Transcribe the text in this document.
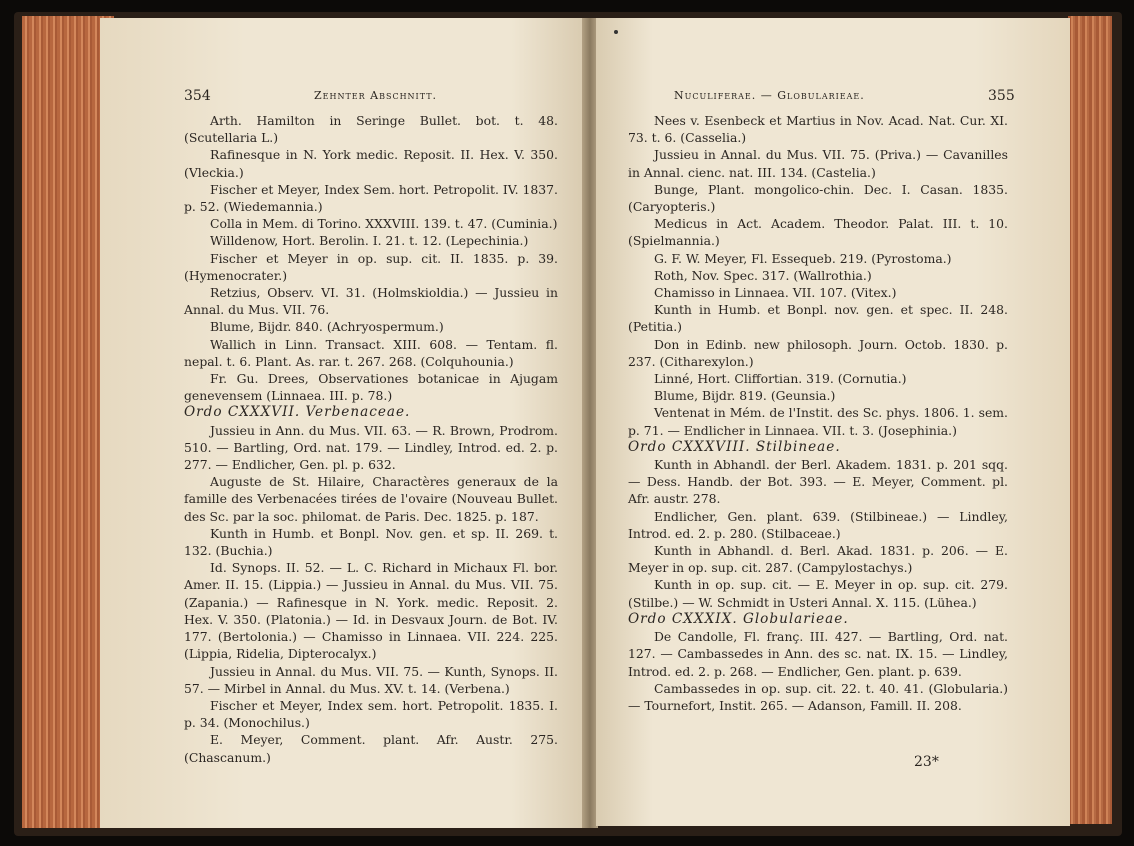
354	Zehnter Abschnitt.

Arth. Hamilton in Seringe Bullet. bot. t. 48. (Scutellaria L.)

Rafinesque in N. York medic. Reposit. II. Hex. V. 350. (Vleckia.)

Fischer et Meyer, Index Sem. hort. Petropolit. IV. 1837. p. 52. (Wiedemannia.)

Colla in Mem. di Torino. XXXVIII. 139. t. 47. (Cuminia.)

Willdenow, Hort. Berolin. I. 21. t. 12. (Lepechinia.)

Fischer et Meyer in op. sup. cit. II. 1835. p. 39. (Hymenocrater.)

Retzius, Observ. VI. 31. (Holmskioldia.) — Jussieu in Annal. du Mus. VII. 76.

Blume, Bijdr. 840. (Achryospermum.)

Wallich in Linn. Transact. XIII. 608. — Tentam. fl. nepal. t. 6. Plant. As. rar. t. 267. 268. (Colquhounia.)

Fr. Gu. Drees, Observationes botanicae in Ajugam genevensem (Linnaea. III. p. 78.)

Ordo CXXXVII. Verbenaceae.

Jussieu in Ann. du Mus. VII. 63. — R. Brown, Prodrom. 510. — Bartling, Ord. nat. 179. — Lindley, Introd. ed. 2. p. 277. — Endlicher, Gen. pl. p. 632.

Auguste de St. Hilaire, Charactères generaux de la famille des Verbenacées tirées de l'ovaire (Nouveau Bullet. des Sc. par la soc. philomat. de Paris. Dec. 1825. p. 187.

Kunth in Humb. et Bonpl. Nov. gen. et sp. II. 269. t. 132. (Buchia.)

Id. Synops. II. 52. — L. C. Richard in Michaux Fl. bor. Amer. II. 15. (Lippia.) — Jussieu in Annal. du Mus. VII. 75. (Zapania.) — Rafinesque in N. York. medic. Reposit. 2. Hex. V. 350. (Platonia.) — Id. in Desvaux Journ. de Bot. IV. 177. (Bertolonia.) — Chamisso in Linnaea. VII. 224. 225. (Lippia, Ridelia, Dipterocalyx.)

Jussieu in Annal. du Mus. VII. 75. — Kunth, Synops. II. 57. — Mirbel in Annal. du Mus. XV. t. 14. (Verbena.)

Fischer et Meyer, Index sem. hort. Petropolit. 1835. I. p. 34. (Monochilus.)

E. Meyer, Comment. plant. Afr. Austr. 275. (Chascanum.)

Nuculiferae. — Globularieae.	355

Nees v. Esenbeck et Martius in Nov. Acad. Nat. Cur. XI. 73. t. 6. (Casselia.)

Jussieu in Annal. du Mus. VII. 75. (Priva.) — Cavanilles in Annal. cienc. nat. III. 134. (Castelia.)

Bunge, Plant. mongolico-chin. Dec. I. Casan. 1835. (Caryopteris.)

Medicus in Act. Academ. Theodor. Palat. III. t. 10. (Spielmannia.)

G. F. W. Meyer, Fl. Essequeb. 219. (Pyrostoma.)

Roth, Nov. Spec. 317. (Wallrothia.)

Chamisso in Linnaea. VII. 107. (Vitex.)

Kunth in Humb. et Bonpl. nov. gen. et spec. II. 248. (Petitia.)

Don in Edinb. new philosoph. Journ. Octob. 1830. p. 237. (Citharexylon.)

Linné, Hort. Cliffortian. 319. (Cornutia.)

Blume, Bijdr. 819. (Geunsia.)

Ventenat in Mém. de l'Instit. des Sc. phys. 1806. 1. sem. p. 71. — Endlicher in Linnaea. VII. t. 3. (Josephinia.)

Ordo CXXXVIII. Stilbineae.

Kunth in Abhandl. der Berl. Akadem. 1831. p. 201 sqq. — Dess. Handb. der Bot. 393. — E. Meyer, Comment. pl. Afr. austr. 278.

Endlicher, Gen. plant. 639. (Stilbineae.) — Lindley, Introd. ed. 2. p. 280. (Stilbaceae.)

Kunth in Abhandl. d. Berl. Akad. 1831. p. 206. — E. Meyer in op. sup. cit. 287. (Campylostachys.)

Kunth in op. sup. cit. — E. Meyer in op. sup. cit. 279. (Stilbe.) — W. Schmidt in Usteri Annal. X. 115. (Lühea.)

Ordo CXXXIX. Globularieae.

De Candolle, Fl. franç. III. 427. — Bartling, Ord. nat. 127. — Cambassedes in Ann. des sc. nat. IX. 15. — Lindley, Introd. ed. 2. p. 268. — Endlicher, Gen. plant. p. 639.

Cambassedes in op. sup. cit. 22. t. 40. 41. (Globularia.) — Tournefort, Instit. 265. — Adanson, Famill. II. 208.

23*
